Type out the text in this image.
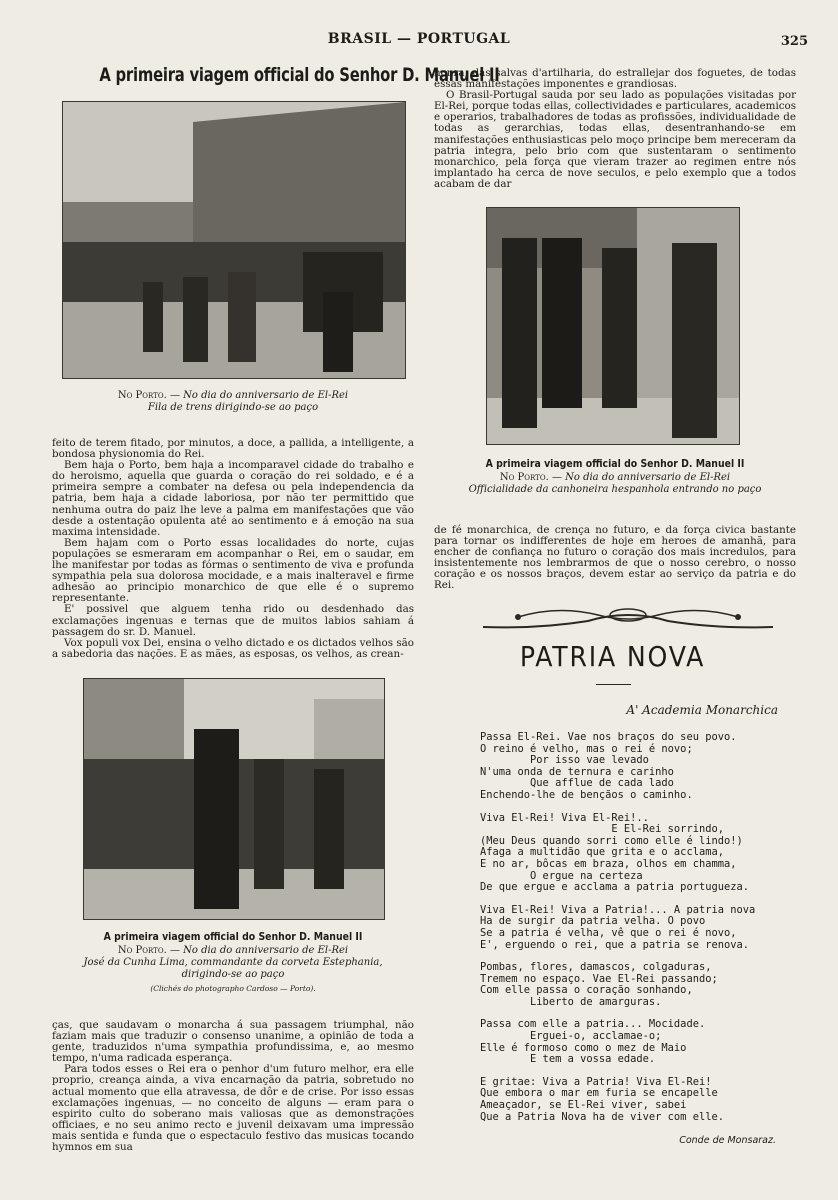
BRASIL — PORTUGAL	325
A primeira viagem official do Senhor D. Manuel II
No Porto. — No dia do anniversario de El-Rei
Fila de trens dirigindo-se ao paço

feito de terem fitado, por minutos, a doce, a pallida, a intelligente, a bondosa physionomia do Rei.

Bem haja o Porto, bem haja a incomparavel cidade do trabalho e do heroismo, aquella que guarda o coração do rei soldado, e é a primeira sempre a combater na defesa ou pela independencia da patria, bem haja a cidade laboriosa, por não ter permittido que nenhuma outra do paiz lhe leve a palma em manifestações que vão desde a ostentação opulenta até ao sentimento e á emoção na sua maxima intensidade.

Bem hajam com o Porto essas localidades do norte, cujas populações se esmeraram em acompanhar o Rei, em o saudar, em lhe manifestar por todas as fórmas o sentimento de viva e profunda sympathia pela sua dolorosa mocidade, e a mais inalteravel e firme adhesão ao principio monarchico de que elle é o supremo representante.

E' possivel que alguem tenha rido ou desdenhado das exclamações ingenuas e ternas que de muitos labios sahiam á passagem do sr. D. Manuel.

Vox populi vox Dei, ensina o velho dictado e os dictados velhos são a sabedoria das nações. E as mães, as esposas, os velhos, as crean-

A primeira viagem official do Senhor D. Manuel II
No Porto. — No dia do anniversario de El-Rei
José da Cunha Lima, commandante da corveta Estephania,
dirigindo-se ao paço
(Clichés do photographo Cardoso — Porto).

ças, que saudavam o monarcha á sua passagem triumphal, não faziam mais que traduzir o consenso unanime, a opinião de toda a gente, traduzidos n'uma sympathia profundissima, e, ao mesmo tempo, n'uma radicada esperança.

Para todos esses o Rei era o penhor d'um futuro melhor, era elle proprio, creança ainda, a viva encarnação da patria, sobretudo no actual momento que ella atravessa, de dôr e de crise. Por isso essas exclamações ingenuas, — no conceito de alguns — eram para o espirito culto do soberano mais valiosas que as demonstrações officiaes, e no seu animo recto e juvenil deixavam uma impressão mais sentida e funda que o espectaculo festivo das musicas tocando hymnos em sua

honra, das salvas d'artilharia, do estrallejar dos foguetes, de todas essas manifestações imponentes e grandiosas.

O Brasil-Portugal sauda por seu lado as populações visitadas por El-Rei, porque todas ellas, collectividades e particulares, academicos e operarios, trabalhadores de todas as profissões, individualidade de todas as gerarchias, todas ellas, desentranhando-se em manifestações enthusiasticas pelo moço principe bem mereceram da patria integra, pelo brio com que sustentaram o sentimento monarchico, pela força que vieram trazer ao regimen entre nós implantado ha cerca de nove seculos, e pelo exemplo que a todos acabam de dar

A primeira viagem official do Senhor D. Manuel II
No Porto. — No dia do anniversario de El-Rei
Officialidade da canhoneira hespanhola entrando no paço

de fé monarchica, de crença no futuro, e da força civica bastante para tornar os indifferentes de hoje em heroes de amanhã, para encher de confiança no futuro o coração dos mais incredulos, para insistentemente nos lembrarmos de que o nosso cerebro, o nosso coração e os nossos braços, devem estar ao serviço da patria e do Rei.

PATRIA NOVA
A' Academia Monarchica
Passa El-Rei. Vae nos braços do seu povo.
O reino é velho, mas o rei é novo;
Por isso vae levado
N'uma onda de ternura e carinho
Que afflue de cada lado
Enchendo-lhe de bençãos o caminho.
Viva El-Rei! Viva El-Rei!..
E El-Rei sorrindo,
(Meu Deus quando sorri como elle é lindo!)
Afaga a multidão que grita e o acclama,
E no ar, bôcas em braza, olhos em chamma,
O ergue na certeza
De que ergue e acclama a patria portugueza.
Viva El-Rei! Viva a Patria!... A patria nova
Ha de surgir da patria velha. O povo
Se a patria é velha, vê que o rei é novo,
E', erguendo o rei, que a patria se renova.
Pombas, flores, damascos, colgaduras,
Tremem no espaço. Vae El-Rei passando;
Com elle passa o coração sonhando,
Liberto de amarguras.
Passa com elle a patria... Mocidade.
Erguei-o, acclamae-o;
Elle é formoso como o mez de Maio
E tem a vossa edade.
E gritae: Viva a Patria! Viva El-Rei!
Que embora o mar em furia se encapelle
Ameaçador, se El-Rei viver, sabei
Que a Patria Nova ha de viver com elle.
Conde de Monsaraz.
